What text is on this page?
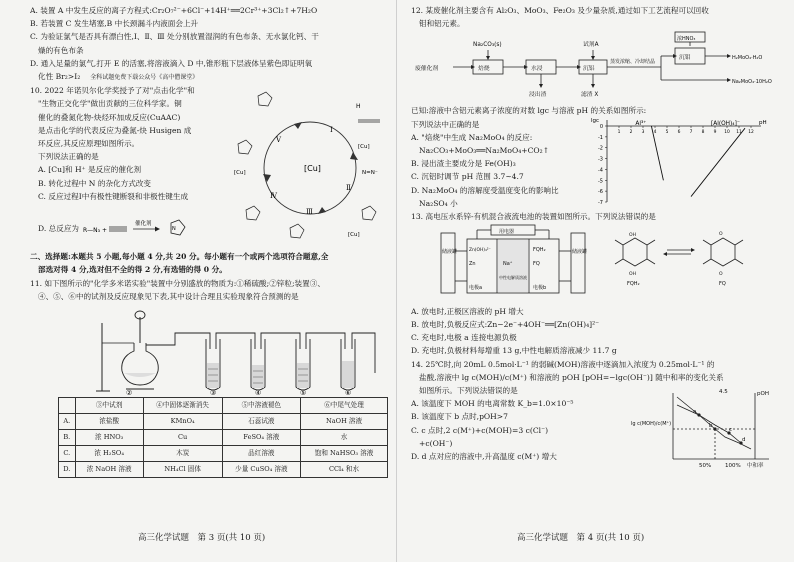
A. 装置 A 中发生反应的离子方程式:Cr₂O₇²⁻+6Cl⁻+14H⁺══2Cr³⁺+3Cl₂↑+7H₂O
B. 若装置 C 发生堵塞,B 中长颈漏斗内液面会上升
C. 为验证氯气是否具有漂白性,Ⅰ、Ⅱ、Ⅲ 处分别放置湿润的有色布条、无水氯化钙、干
燥的有色布条
D. 通入足量的氯气,打开 E 的活塞,将溶液滴入 D 中,锥形瓶下层液体呈紫色即证明氧
化性 Br₂>I₂ 全科试题免费下载公众号《高中僧课堂》
10. 2022 年诺贝尔化学奖授予了对"点击化学"和
"生物正交化学"做出贡献的三位科学家。铜
催化的叠氮化物-炔烃环加成反应(CuAAC)
是点击化学的代表反应为叠氮-炔 Husigen 成
环反应,其反应原理如图所示。
下列说法正确的是
A. [Cu]和 H⁺ 是反应的催化剂
B. 转化过程中 N 的杂化方式改变
C. 反应过程Ⅰ中有极性键断裂和非极性键生成
D. 总反应为 R—N₃ +
催化剂
N
[Cu]
Ⅰ
Ⅱ
Ⅲ
Ⅳ
Ⅴ
H
[Cu]
N=N⁻
[Cu]
[Cu]
二、选择题:本题共 5 小题,每小题 4 分,共 20 分。每小题有一个或两个选项符合题意,全
部选对得 4 分,选对但不全的得 2 分,有选错的得 0 分。
11. 如下图所示的"化学多米诺实验"装置中分别盛放的物质为:①稀硫酸;②锌粒;装置③、
④、⑤、⑥中的试剂及反应现象见下表,其中设计合理且实验现象符合预测的是
②	③	④	⑤	⑥
	③中试剂	④中固体逐渐消失	⑤中溶液褪色	⑥中尾气处理
A.	浓盐酸	KMnO₄	石蕊试液	NaOH 溶液
B.	浓 HNO₃	Cu	FeSO₄ 溶液	水
C.	浓 H₂SO₄	木炭	品红溶液	饱和 NaHSO₃ 溶液
D.	浓 NaOH 溶液	NH₄Cl 固体	少量 CuSO₄ 溶液	CCl₄ 和水
高三化学试题　第 3 页(共 10 页)
12. 某废催化剂主要含有 Al₂O₃、MoO₃、Fe₂O₃ 及少量杂质,通过如下工艺流程可以回收
钼和铝元素。
Na₂CO₃(s)	试剂A
废催化剂	焙烧	水浸	沉铝
蒸发浓缩、冷却结晶
沉钼
浓HNO₃
H₂MoO₄·H₂O
Na₂MoO₄·10H₂O
浸出渣	滤渣 X
已知:溶液中含铝元素离子浓度的对数 lgc 与溶液 pH 的关系如图所示:
下列说法中正确的是
A. "焙烧"中生成 Na₂MoO₄ 的反应:
Na₂CO₃+MoO₃══Na₂MoO₄+CO₂↑
B. 浸出渣主要成分是 Fe(OH)₃
C. 沉铝时调节 pH 范围 3.7~4.7
D. Na₂MoO₄ 的溶解度受温度变化的影响比
Na₂SO₄ 小
lgc	pH
0
-1
-2
-3
-4
-5
-6
-7
1 2 3 4 5 6 7 8 9 10 11 12
Al³⁺	[Al(OH)₄]⁻
13. 高电压水系锌-有机混合液流电池的装置如图所示。下列说法错误的是
储液罐	储液罐
Zn(OH)₄²⁻
Zn	Na⁺
FQH₂
FQ
电极a	电极b
用电器
中性电解质溶液
OH
OH
O
O
FQH₂	FQ
A. 放电时,正极区溶液的 pH 增大
B. 放电时,负极反应式:Zn−2e⁻+4OH⁻══[Zn(OH)₄]²⁻
C. 充电时,电极 a 连接电源负极
D. 充电时,负极材料每增重 13 g,中性电解质溶液减少 11.7 g
14. 25℃时,向 20mL 0.5mol·L⁻¹ 的弱碱(MOH)溶液中逐滴加入浓度为 0.25mol·L⁻¹ 的
盐酸,溶液中 lg c(MOH)/c(M⁺) 和溶液的 pOH [pOH=−lgc(OH⁻)] 随中和率的变化关系
如图所示。下列说法错误的是
A. 该温度下 MOH 的电离常数 K_b=1.0×10⁻⁵
B. 该温度下 b 点时,pOH>7
C. c 点时,2 c(M⁺)+c(MOH)=3 c(Cl⁻)
+c(OH⁻)
D. d 点对应的溶液中,升高温度 c(M⁺) 增大
lg c(MOH)/c(M⁺)
pOH
4.5
50%	100% 中和率
a
b
c
d
高三化学试题　第 4 页(共 10 页)
